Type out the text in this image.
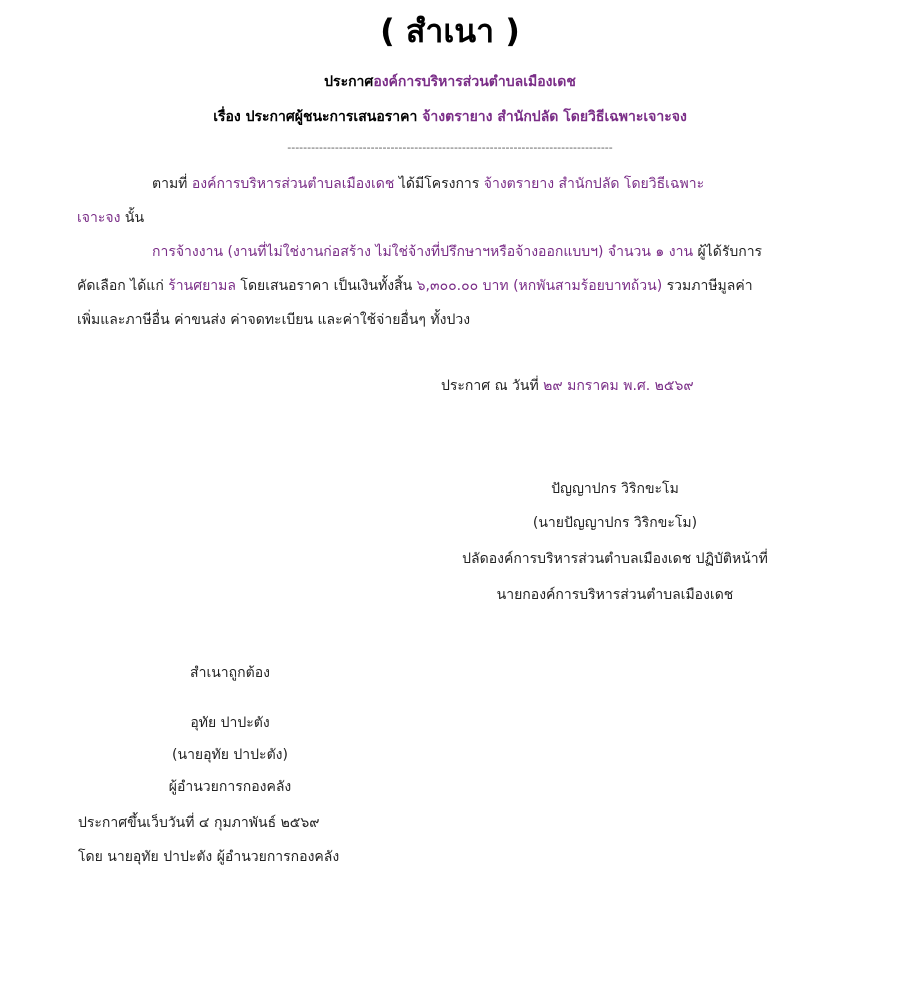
( สำเนา )
ประกาศองค์การบริหารส่วนตำบลเมืองเดช
เรื่อง ประกาศผู้ชนะการเสนอราคา จ้างตรายาง สำนักปลัด โดยวิธีเฉพาะเจาะจง
----------------------------------------------------------------------------------
ตามที่ องค์การบริหารส่วนตำบลเมืองเดช ได้มีโครงการ จ้างตรายาง สำนักปลัด โดยวิธีเฉพาะ
เจาะจง นั้น
การจ้างงาน (งานที่ไม่ใช่งานก่อสร้าง ไม่ใช่จ้างที่ปรึกษาฯหรือจ้างออกแบบฯ) จำนวน ๑ งาน ผู้ได้รับการ
คัดเลือก ได้แก่ ร้านศยามล โดยเสนอราคา เป็นเงินทั้งสิ้น ๖,๓๐๐.๐๐ บาท (หกพันสามร้อยบาทถ้วน) รวมภาษีมูลค่า
เพิ่มและภาษีอื่น ค่าขนส่ง ค่าจดทะเบียน และค่าใช้จ่ายอื่นๆ ทั้งปวง
ประกาศ ณ วันที่ ๒๙ มกราคม พ.ศ. ๒๕๖๙
ปัญญาปกร วิริกขะโม
(นายปัญญาปกร วิริกขะโม)
ปลัดองค์การบริหารส่วนตำบลเมืองเดช ปฏิบัติหน้าที่
นายกองค์การบริหารส่วนตำบลเมืองเดช
สำเนาถูกต้อง
อุทัย ปาปะตัง
(นายอุทัย ปาปะตัง)
ผู้อำนวยการกองคลัง
ประกาศขึ้นเว็บวันที่ ๔ กุมภาพันธ์ ๒๕๖๙
โดย นายอุทัย ปาปะตัง ผู้อำนวยการกองคลัง
